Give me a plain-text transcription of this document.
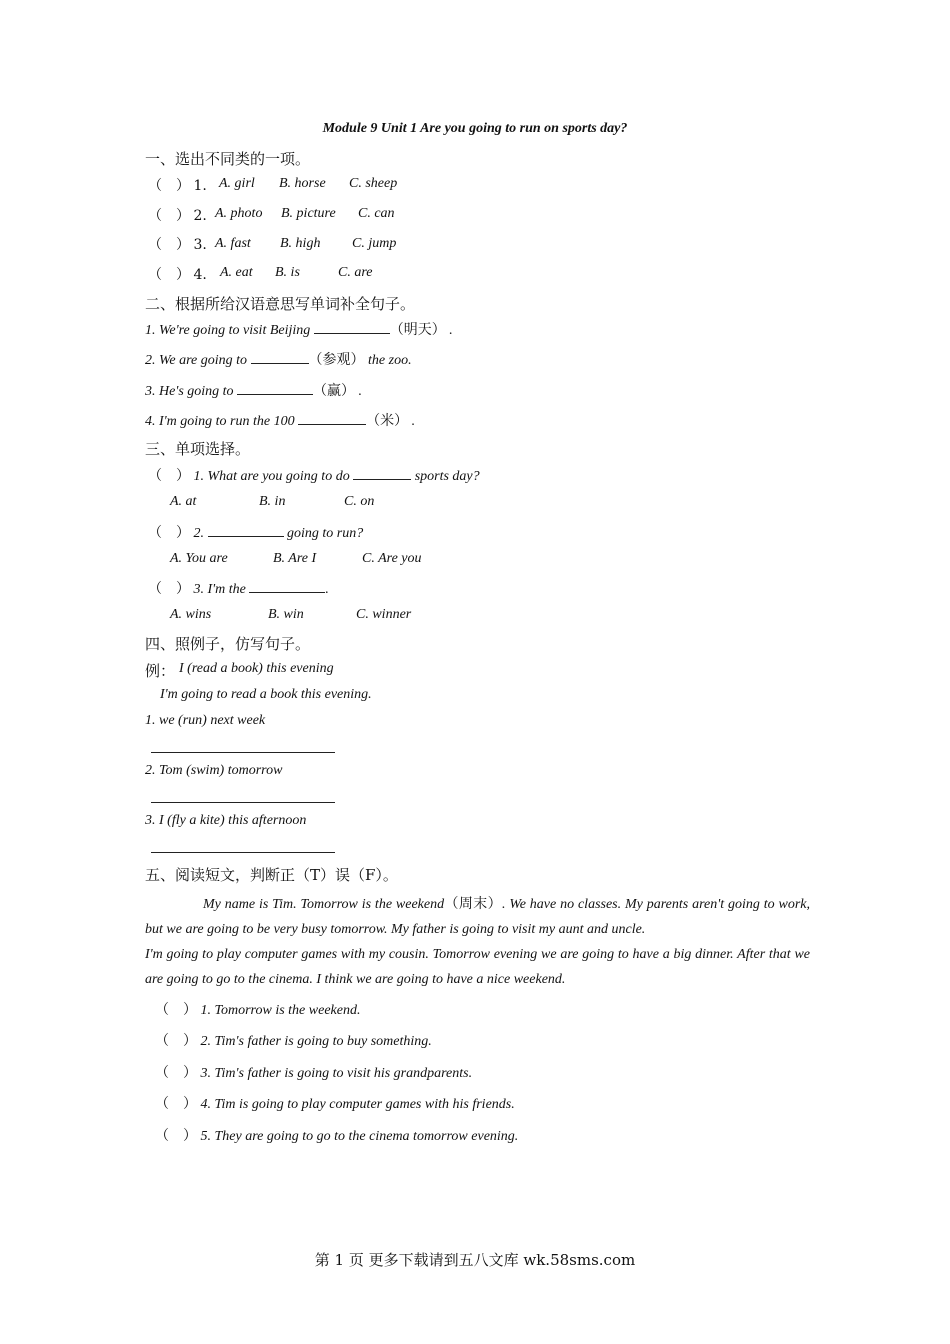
Module 9 Unit 1 Are you going to run on sports day?
一、选出不同类的一项。
（　） 1. A. girl B. horse C. sheep
（　） 2. A. photo B. picture C. can
（　） 3. A. fast B. high C. jump
（　） 4. A. eat B. is	C. are
二、根据所给汉语意思写单词补全句子。
1. We're going to visit Beijing	（明天） .
2. We are going to	（参观） the zoo.
3. He's going to	（赢） .
4. I'm going to run the 100	（米） .
三、单项选择。
（　） 1. What are you going to do	sports day?
A. at	B. in	C. on
（　） 2.	going to run?
A. You are	B. Are I	C. Are you
（　） 3. I'm the	.
A. wins	B. win	C. winner
四、照例子，仿写句子。
例： I (read a book) this evening
I'm going to read a book this evening.
1. we (run) next week
2. Tom (swim) tomorrow
3. I (fly a kite) this afternoon
五、阅读短文，判断正（T）误（F）。
My name is Tim. Tomorrow is the weekend（周末）. We have no classes. My parents aren't going to work, but we are going to be very busy tomorrow. My father is going to visit my aunt and uncle.
I'm going to play computer games with my cousin. Tomorrow evening we are going to have a big dinner. After that we are going to go to the cinema. I think we are going to have a nice weekend.
（　） 1. Tomorrow is the weekend.
（　） 2. Tim's father is going to buy something.
（　） 3. Tim's father is going to visit his grandparents.
（　） 4. Tim is going to play computer games with his friends.
（　） 5. They are going to go to the cinema tomorrow evening.
第 1 页 更多下载请到五八文库 wk.58sms.com
